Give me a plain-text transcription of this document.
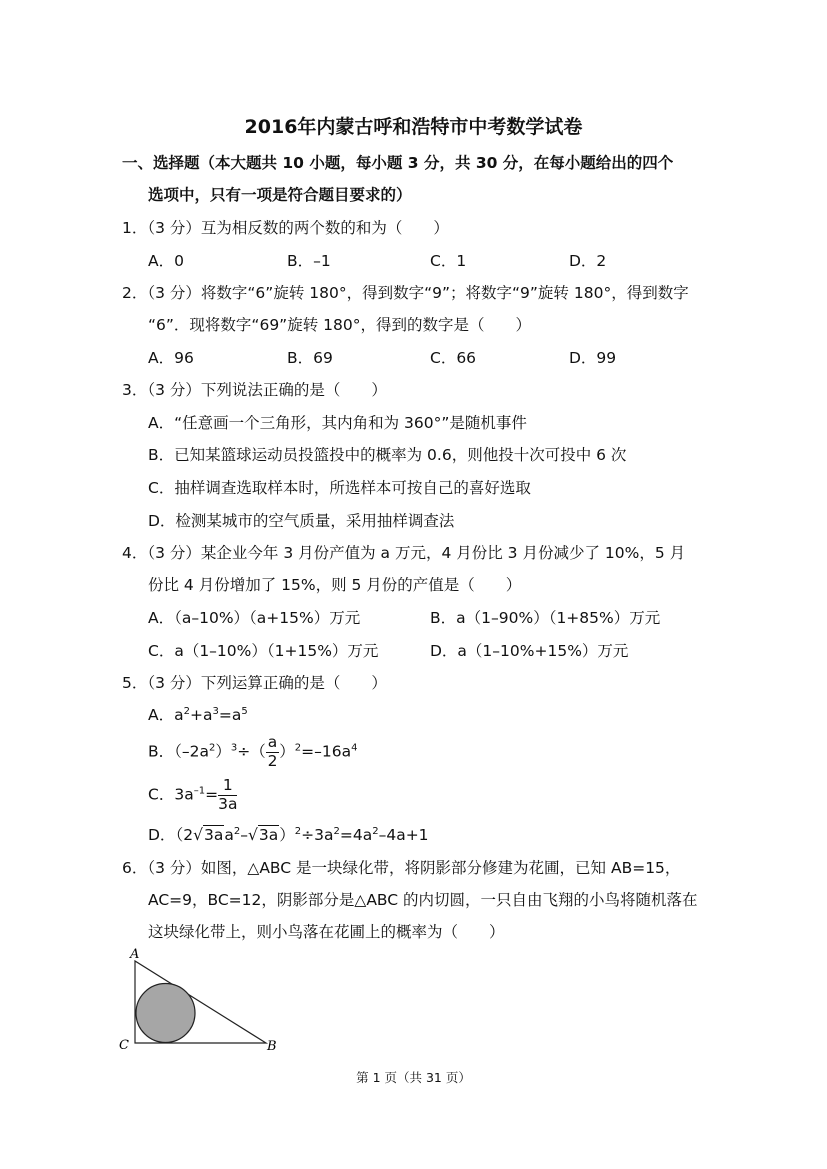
2016年内蒙古呼和浩特市中考数学试卷
一、选择题（本大题共 10 小题，每小题 3 分，共 30 分，在每小题给出的四个
选项中，只有一项是符合题目要求的）
1．（3 分）互为相反数的两个数的和为（　　）
A．0	B．–1	C．1	D．2
2．（3 分）将数字“6”旋转 180°，得到数字“9”；将数字“9”旋转 180°，得到数字
“6”．现将数字“69”旋转 180°，得到的数字是（　　）
A．96	B．69	C．66	D．99
3．（3 分）下列说法正确的是（　　）
A．“任意画一个三角形，其内角和为 360°”是随机事件
B．已知某篮球运动员投篮投中的概率为 0.6，则他投十次可投中 6 次
C．抽样调查选取样本时，所选样本可按自己的喜好选取
D．检测某城市的空气质量，采用抽样调查法
4．（3 分）某企业今年 3 月份产值为 a 万元，4 月份比 3 月份减少了 10%，5 月
份比 4 月份增加了 15%，则 5 月份的产值是（　　）
A．（a–10%）（a+15%）万元	B．a（1–90%）（1+85%）万元
C．a（1–10%）（1+15%）万元	D．a（1–10%+15%）万元
5．（3 分）下列运算正确的是（　　）
A．$a^2+a^3=a^5$
B．$(-2a^2)^3\div( \frac{a}{2} )^2=-16a^4$
C．$3a^{-1}= \frac{1}{3a}$
D．$(2√3aa^2-√3a)^2\div 3a^2=4a^2-4a+1$
6．（3 分）如图，△ABC 是一块绿化带，将阴影部分修建为花圃，已知 AB=15，
AC=9，BC=12，阴影部分是△ABC 的内切圆，一只自由飞翔的小鸟将随机落在
这块绿化带上，则小鸟落在花圃上的概率为（　　）
A
C	B
第 1 页（共 31 页）
